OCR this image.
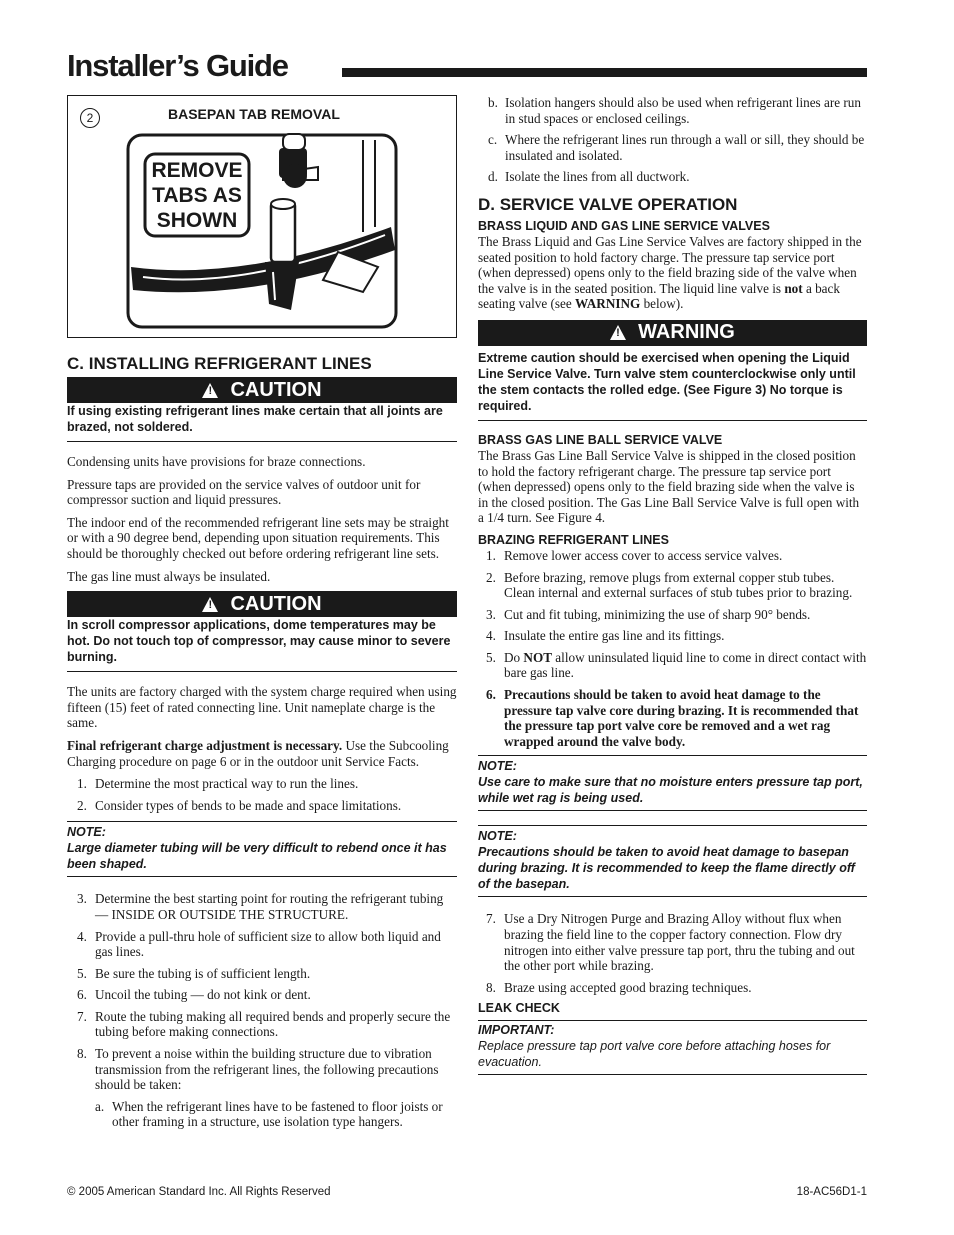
Installer’s Guide
2	BASEPAN TAB REMOVAL
REMOVE
TABS AS
SHOWN
C. INSTALLING REFRIGERANT LINES
! CAUTION
If using existing refrigerant lines make certain that all joints are brazed, not soldered.

Condensing units have provisions for braze connections.

Pressure taps are provided on the service valves of outdoor unit for compressor suction and liquid pressures.

The indoor end of the recommended refrigerant line sets may be straight or with a 90 degree bend, depending upon situation requirements. This should be thoroughly checked out before ordering refrigerant line sets.

The gas line must always be insulated.

! CAUTION
In scroll compressor applications, dome temperatures may be hot. Do not touch top of compressor, may cause minor to severe burning.

The units are factory charged with the system charge required when using fifteen (15) feet of rated connecting line. Unit nameplate charge is the same.

Final refrigerant charge adjustment is necessary. Use the Subcooling Charging procedure on page 6 or in the outdoor unit Service Facts.

1. Determine the most practical way to run the lines.
2. Consider types of bends to be made and space limitations.
NOTE:
Large diameter tubing will be very difficult to rebend once it has been shaped.
3. Determine the best starting point for routing the refrigerant tubing — INSIDE OR OUTSIDE THE STRUCTURE.
4. Provide a pull-thru hole of sufficient size to allow both liquid and gas lines.
5. Be sure the tubing is of sufficient length.
6. Uncoil the tubing — do not kink or dent.
7. Route the tubing making all required bends and properly secure the tubing before making connections.
8. To prevent a noise within the building structure due to vibration transmission from the refrigerant lines, the following precautions should be taken:
a. When the refrigerant lines have to be fastened to floor joists or other framing in a structure, use isolation type hangers.
b. Isolation hangers should also be used when refrigerant lines are run in stud spaces or enclosed ceilings.
c. Where the refrigerant lines run through a wall or sill, they should be insulated and isolated.
d. Isolate the lines from all ductwork.
D. SERVICE VALVE OPERATION
BRASS LIQUID AND GAS LINE SERVICE VALVES

The Brass Liquid and Gas Line Service Valves are factory shipped in the seated position to hold factory charge. The pressure tap service port (when depressed) opens only to the field brazing side of the valve when the valve is in the seated position. The liquid line valve is not a back seating valve (see WARNING below).

! WARNING
Extreme caution should be exercised when opening the Liquid Line Service Valve. Turn valve stem counterclockwise only until the stem contacts the rolled edge. (See Figure 3) No torque is required.
BRASS GAS LINE BALL SERVICE VALVE

The Brass Gas Line Ball Service Valve is shipped in the closed position to hold the factory refrigerant charge. The pressure tap service port (when depressed) opens only to the field brazing side when the valve is in the closed position. The Gas Line Ball Service Valve is full open with a 1/4 turn. See Figure 4.

BRAZING REFRIGERANT LINES
1. Remove lower access cover to access service valves.
2. Before brazing, remove plugs from external copper stub tubes. Clean internal and external surfaces of stub tubes prior to brazing.
3. Cut and fit tubing, minimizing the use of sharp 90° bends.
4. Insulate the entire gas line and its fittings.
5. Do NOT allow uninsulated liquid line to come in direct contact with bare gas line.
6. Precautions should be taken to avoid heat damage to the pressure tap valve core during brazing. It is recommended that the pressure tap port valve core be removed and a wet rag wrapped around the valve body.
NOTE:
Use care to make sure that no moisture enters pressure tap port, while wet rag is being used.
NOTE:
Precautions should be taken to avoid heat damage to basepan during brazing. It is recommended to keep the flame directly off of the basepan.
7. Use a Dry Nitrogen Purge and Brazing Alloy without flux when brazing the field line to the copper factory connection. Flow dry nitrogen into either valve pressure tap port, thru the tubing and out the other port while brazing.
8. Braze using accepted good brazing techniques.
LEAK CHECK
IMPORTANT:
Replace pressure tap port valve core before attaching hoses for evacuation.
© 2005 American Standard Inc. All Rights Reserved	18-AC56D1-1
